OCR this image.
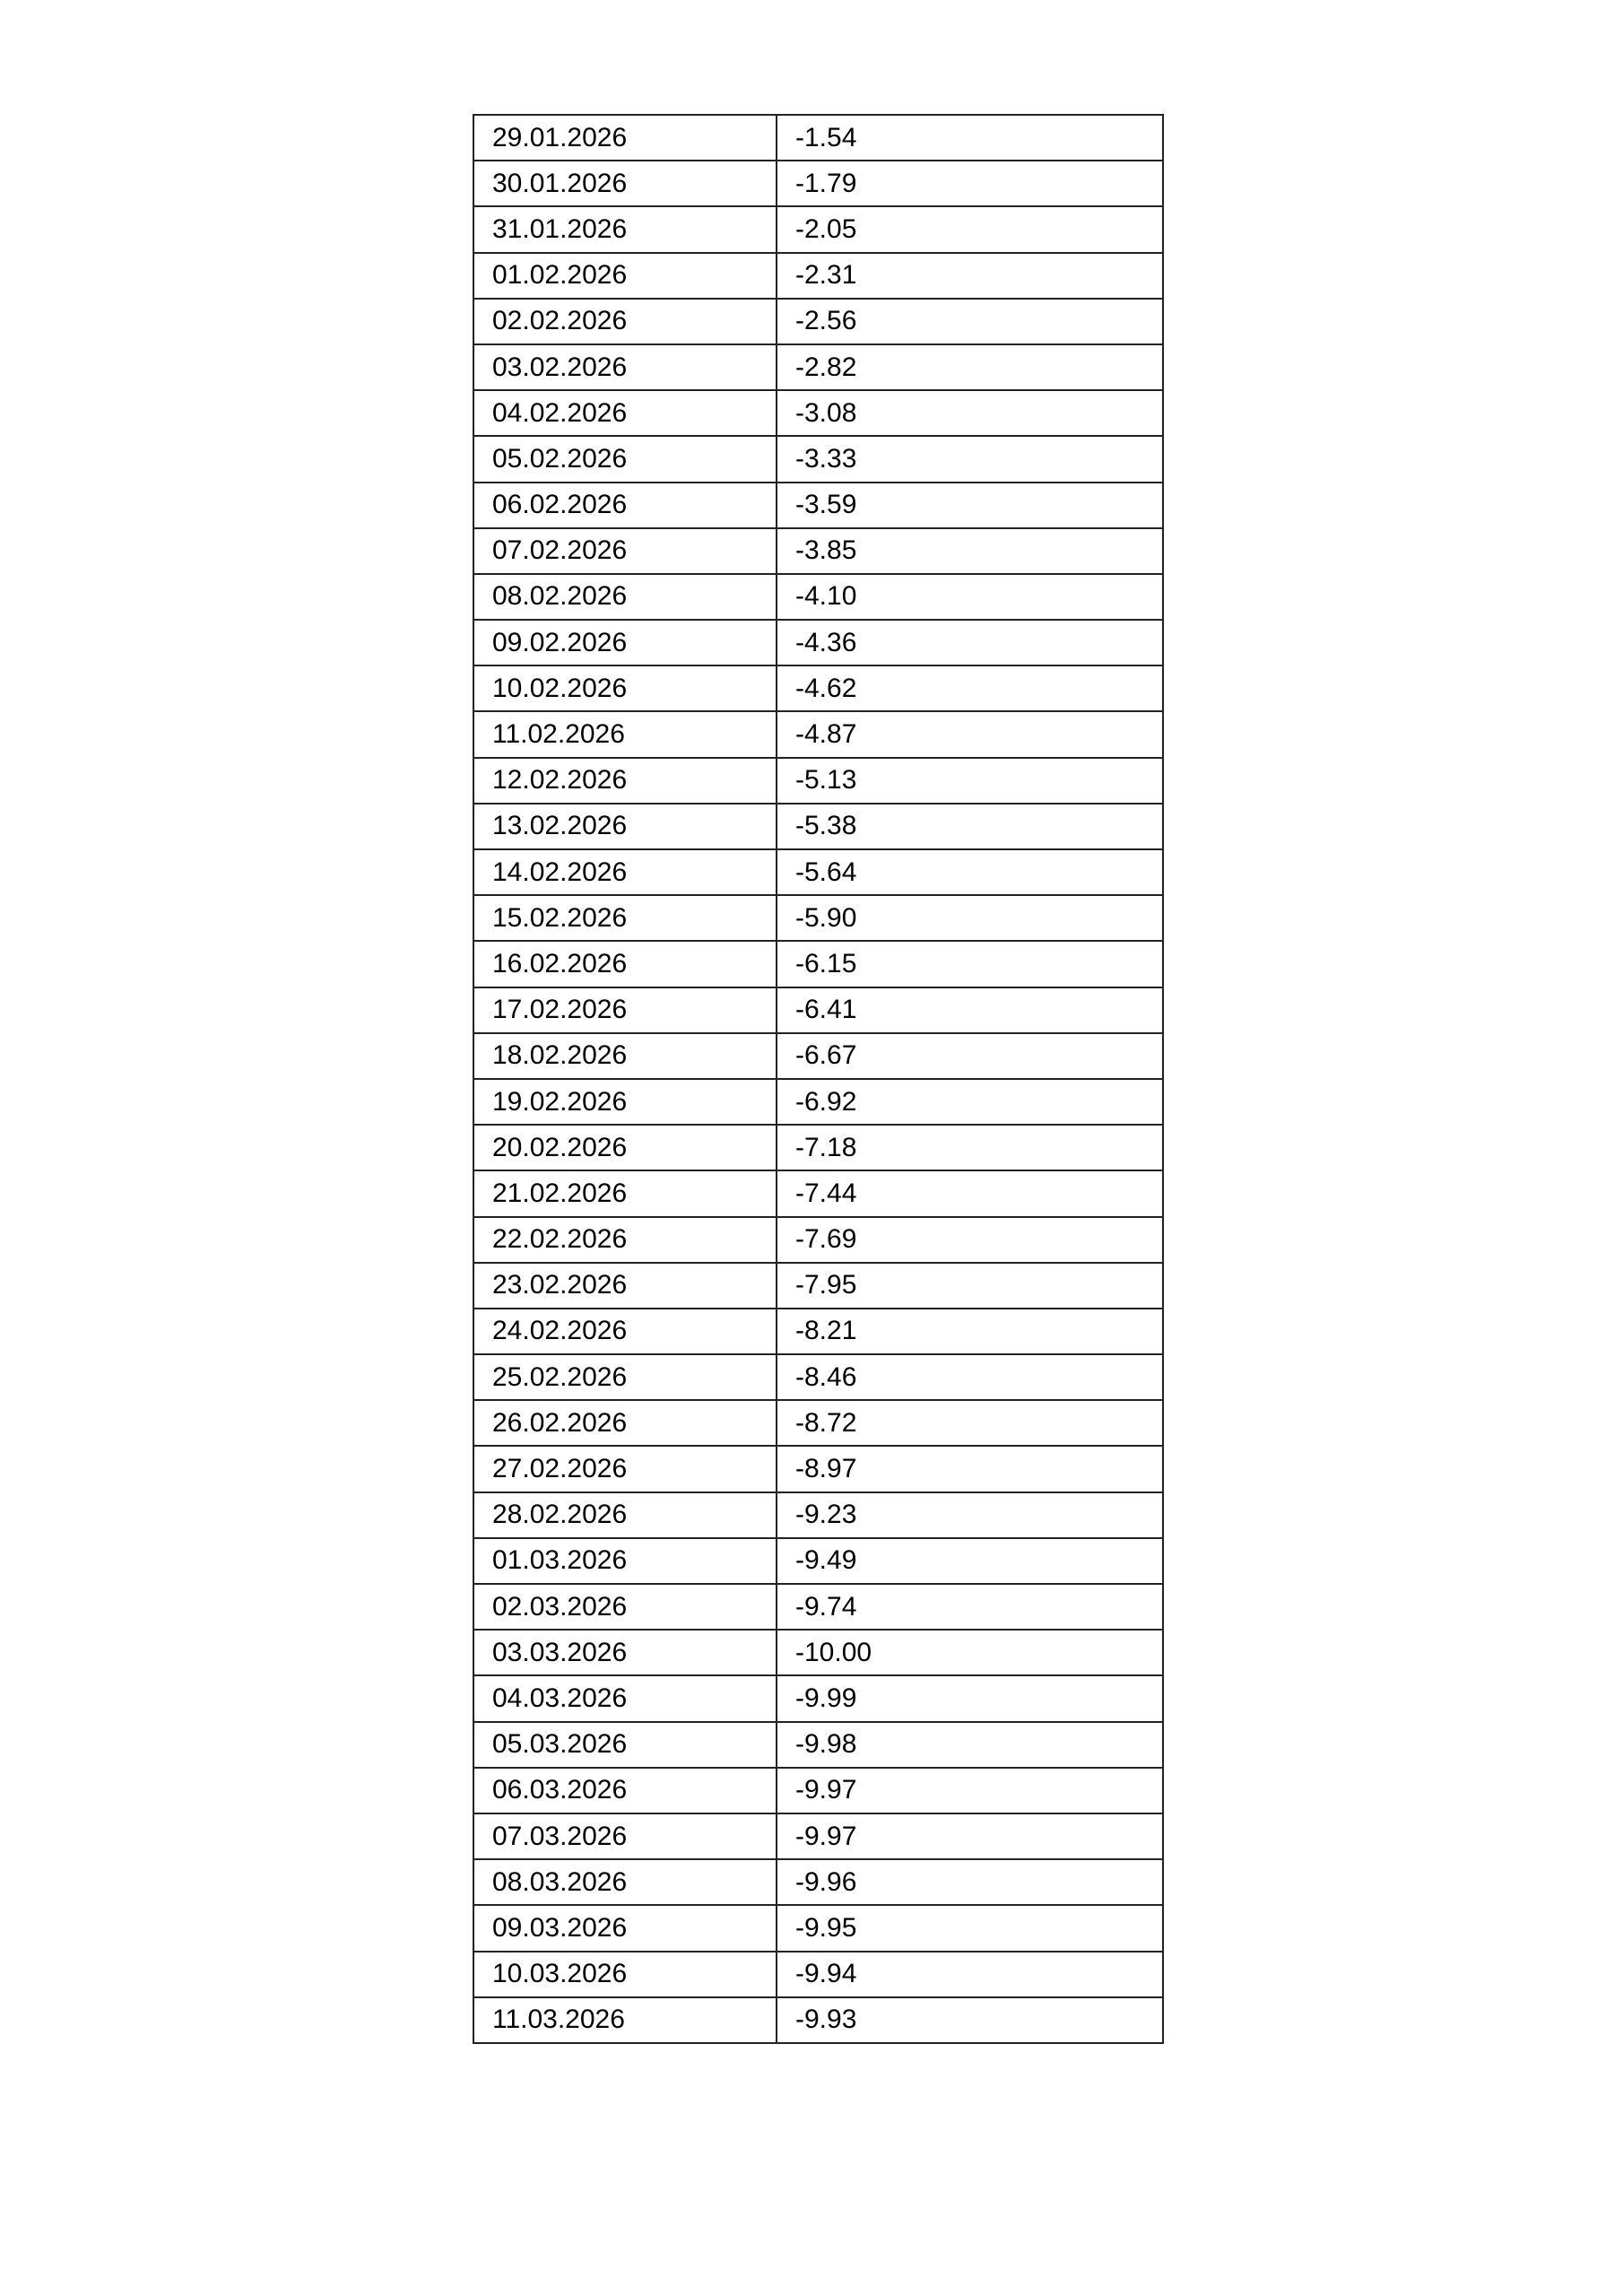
29.01.2026	-1.54
30.01.2026	-1.79
31.01.2026	-2.05
01.02.2026	-2.31
02.02.2026	-2.56
03.02.2026	-2.82
04.02.2026	-3.08
05.02.2026	-3.33
06.02.2026	-3.59
07.02.2026	-3.85
08.02.2026	-4.10
09.02.2026	-4.36
10.02.2026	-4.62
11.02.2026	-4.87
12.02.2026	-5.13
13.02.2026	-5.38
14.02.2026	-5.64
15.02.2026	-5.90
16.02.2026	-6.15
17.02.2026	-6.41
18.02.2026	-6.67
19.02.2026	-6.92
20.02.2026	-7.18
21.02.2026	-7.44
22.02.2026	-7.69
23.02.2026	-7.95
24.02.2026	-8.21
25.02.2026	-8.46
26.02.2026	-8.72
27.02.2026	-8.97
28.02.2026	-9.23
01.03.2026	-9.49
02.03.2026	-9.74
03.03.2026	-10.00
04.03.2026	-9.99
05.03.2026	-9.98
06.03.2026	-9.97
07.03.2026	-9.97
08.03.2026	-9.96
09.03.2026	-9.95
10.03.2026	-9.94
11.03.2026	-9.93
